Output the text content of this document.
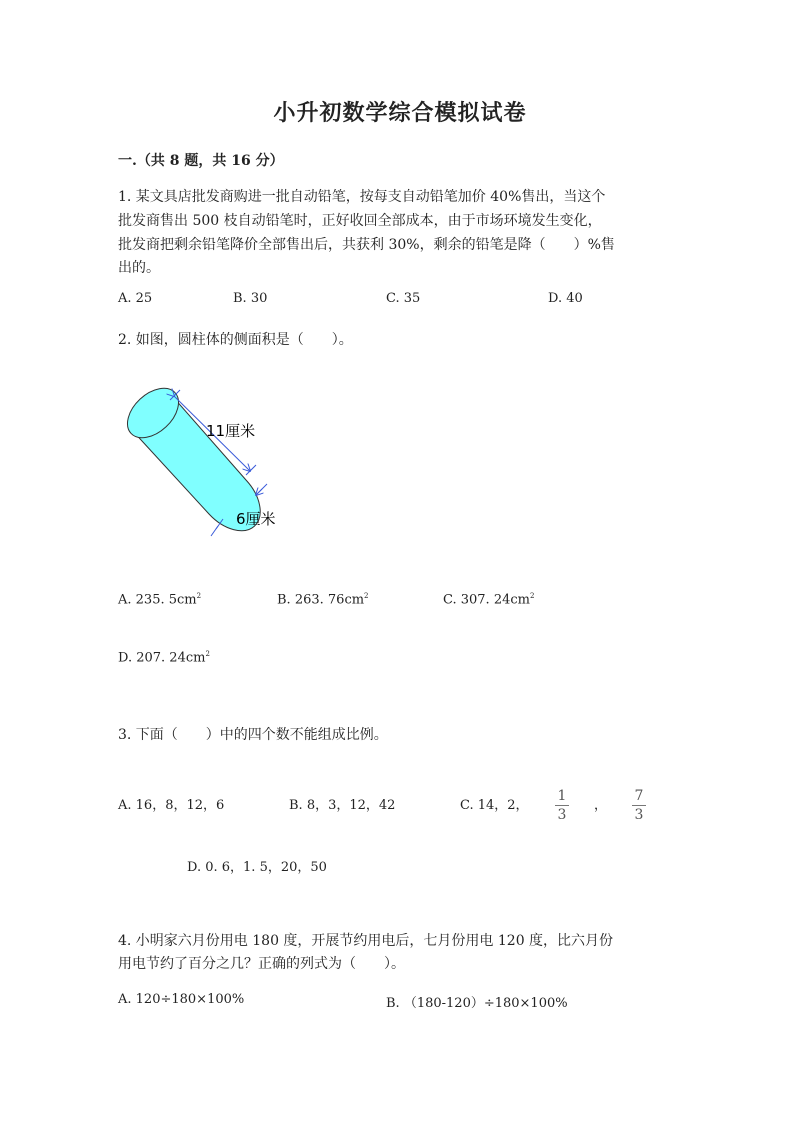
小升初数学综合模拟试卷
一.（共 8 题，共 16 分）
1. 某文具店批发商购进一批自动铅笔，按每支自动铅笔加价 40%售出，当这个
批发商售出 500 枝自动铅笔时，正好收回全部成本，由于市场环境发生变化，
批发商把剩余铅笔降价全部售出后，共获利 30%，剩余的铅笔是降（　　）%售
出的。
A. 25	B. 30	C. 35	D. 40
2. 如图，圆柱体的侧面积是（　　）。
11厘米
6厘米
A. 235. $5cm^2$	B. 263. $76cm^2$	C. 307. $24cm^2$
D. 207. $24cm^2$
3. 下面（　　）中的四个数不能组成比例。
A. 16，8，12，6	B. 8，3，12，42	C. 14，2，
1
3
，
7
3
D. 0. 6，1. 5，20，50
4. 小明家六月份用电 180 度，开展节约用电后，七月份用电 120 度，比六月份
用电节约了百分之几？正确的列式为（　　）。
A. 120÷180×100%	B. （180-120）÷180×100%
